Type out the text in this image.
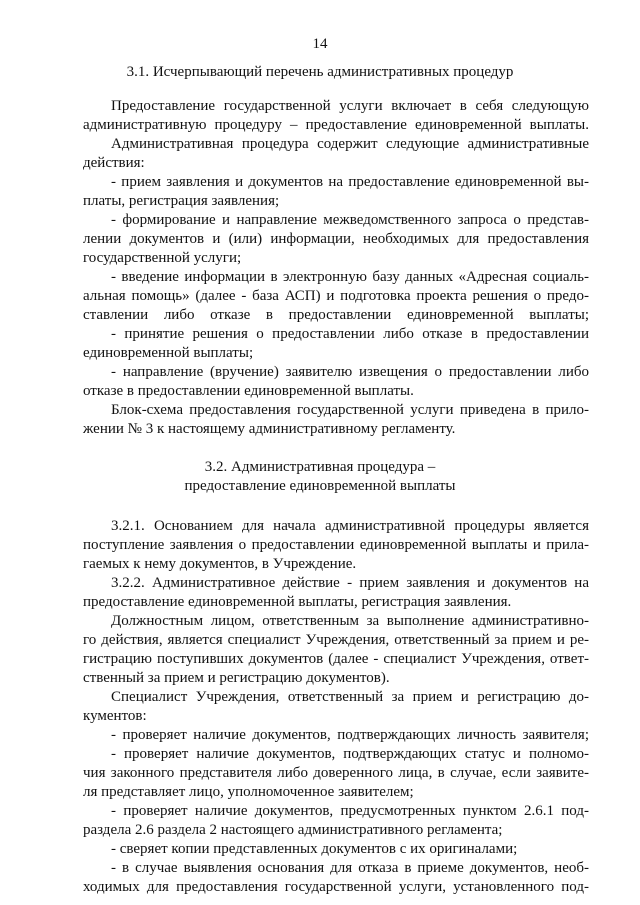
14
3.1. Исчерпывающий перечень административных процедур
Предоставление государственной услуги включает в себя следующую
административную процедуру – предоставление единовременной выплаты.
Административная процедура содержит следующие административные
действия:
- прием заявления и документов на предоставление единовременной вы-
платы, регистрация заявления;
- формирование и направление межведомственного запроса о представ-
лении документов и (или) информации, необходимых для предоставления
государственной услуги;
- введение информации в электронную базу данных «Адресная социаль-
альная помощь» (далее - база АСП) и подготовка проекта решения о предо-
ставлении либо отказе в предоставлении единовременной выплаты;
- принятие решения о предоставлении либо отказе в предоставлении
единовременной выплаты;
- направление (вручение) заявителю извещения о предоставлении либо
отказе в предоставлении единовременной выплаты.
Блок-схема предоставления государственной услуги приведена в прило-
жении № 3 к настоящему административному регламенту.
3.2. Административная процедура –
предоставление единовременной выплаты
3.2.1. Основанием для начала административной процедуры является
поступление заявления о предоставлении единовременной выплаты и прила-
гаемых к нему документов, в Учреждение.
3.2.2. Административное действие - прием заявления и документов на
предоставление единовременной выплаты, регистрация заявления.
Должностным лицом, ответственным за выполнение административно-
го действия, является специалист Учреждения, ответственный за прием и ре-
гистрацию поступивших документов (далее - специалист Учреждения, ответ-
ственный за прием и регистрацию документов).
Специалист Учреждения, ответственный за прием и регистрацию до-
кументов:
- проверяет наличие документов, подтверждающих личность заявителя;
- проверяет наличие документов, подтверждающих статус и полномо-
чия законного представителя либо доверенного лица, в случае, если заявите-
ля представляет лицо, уполномоченное заявителем;
- проверяет наличие документов, предусмотренных пунктом 2.6.1 под-
раздела 2.6 раздела 2 настоящего административного регламента;
- сверяет копии представленных документов с их оригиналами;
- в случае выявления основания для отказа в приеме документов, необ-
ходимых для предоставления государственной услуги, установленного под-
